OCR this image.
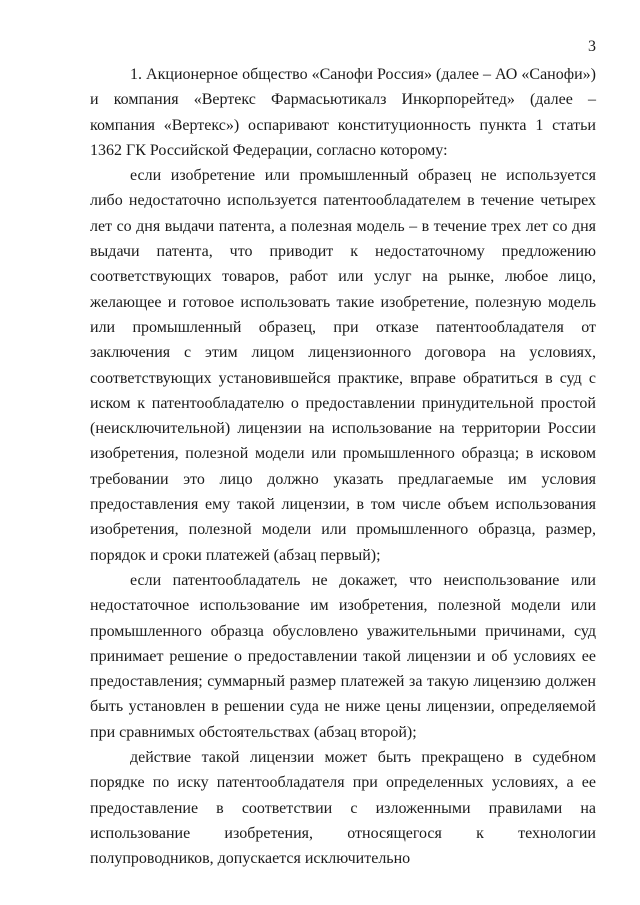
3

1. Акционерное общество «Санофи Россия» (далее – АО «Санофи») и компания «Вертекс Фармасьютикалз Инкорпорейтед» (далее – компания «Вертекс») оспаривают конституционность пункта 1 статьи 1362 ГК Российской Федерации, согласно которому:

если изобретение или промышленный образец не используется либо недостаточно используется патентообладателем в течение четырех лет со дня выдачи патента, а полезная модель – в течение трех лет со дня выдачи патента, что приводит к недостаточному предложению соответствующих товаров, работ или услуг на рынке, любое лицо, желающее и готовое использовать такие изобретение, полезную модель или промышленный образец, при отказе патентообладателя от заключения с этим лицом лицензионного договора на условиях, соответствующих установившейся практике, вправе обратиться в суд с иском к патентообладателю о предоставлении принудительной простой (неисключительной) лицензии на использование на территории России изобретения, полезной модели или промышленного образца; в исковом требовании это лицо должно указать предлагаемые им условия предоставления ему такой лицензии, в том числе объем использования изобретения, полезной модели или промышленного образца, размер, порядок и сроки платежей (абзац первый);

если патентообладатель не докажет, что неиспользование или недостаточное использование им изобретения, полезной модели или промышленного образца обусловлено уважительными причинами, суд принимает решение о предоставлении такой лицензии и об условиях ее предоставления; суммарный размер платежей за такую лицензию должен быть установлен в решении суда не ниже цены лицензии, определяемой при сравнимых обстоятельствах (абзац второй);

действие такой лицензии может быть прекращено в судебном порядке по иску патентообладателя при определенных условиях, а ее предоставление в соответствии с изложенными правилами на использование изобретения, относящегося к технологии полупроводников, допускается исключительно
